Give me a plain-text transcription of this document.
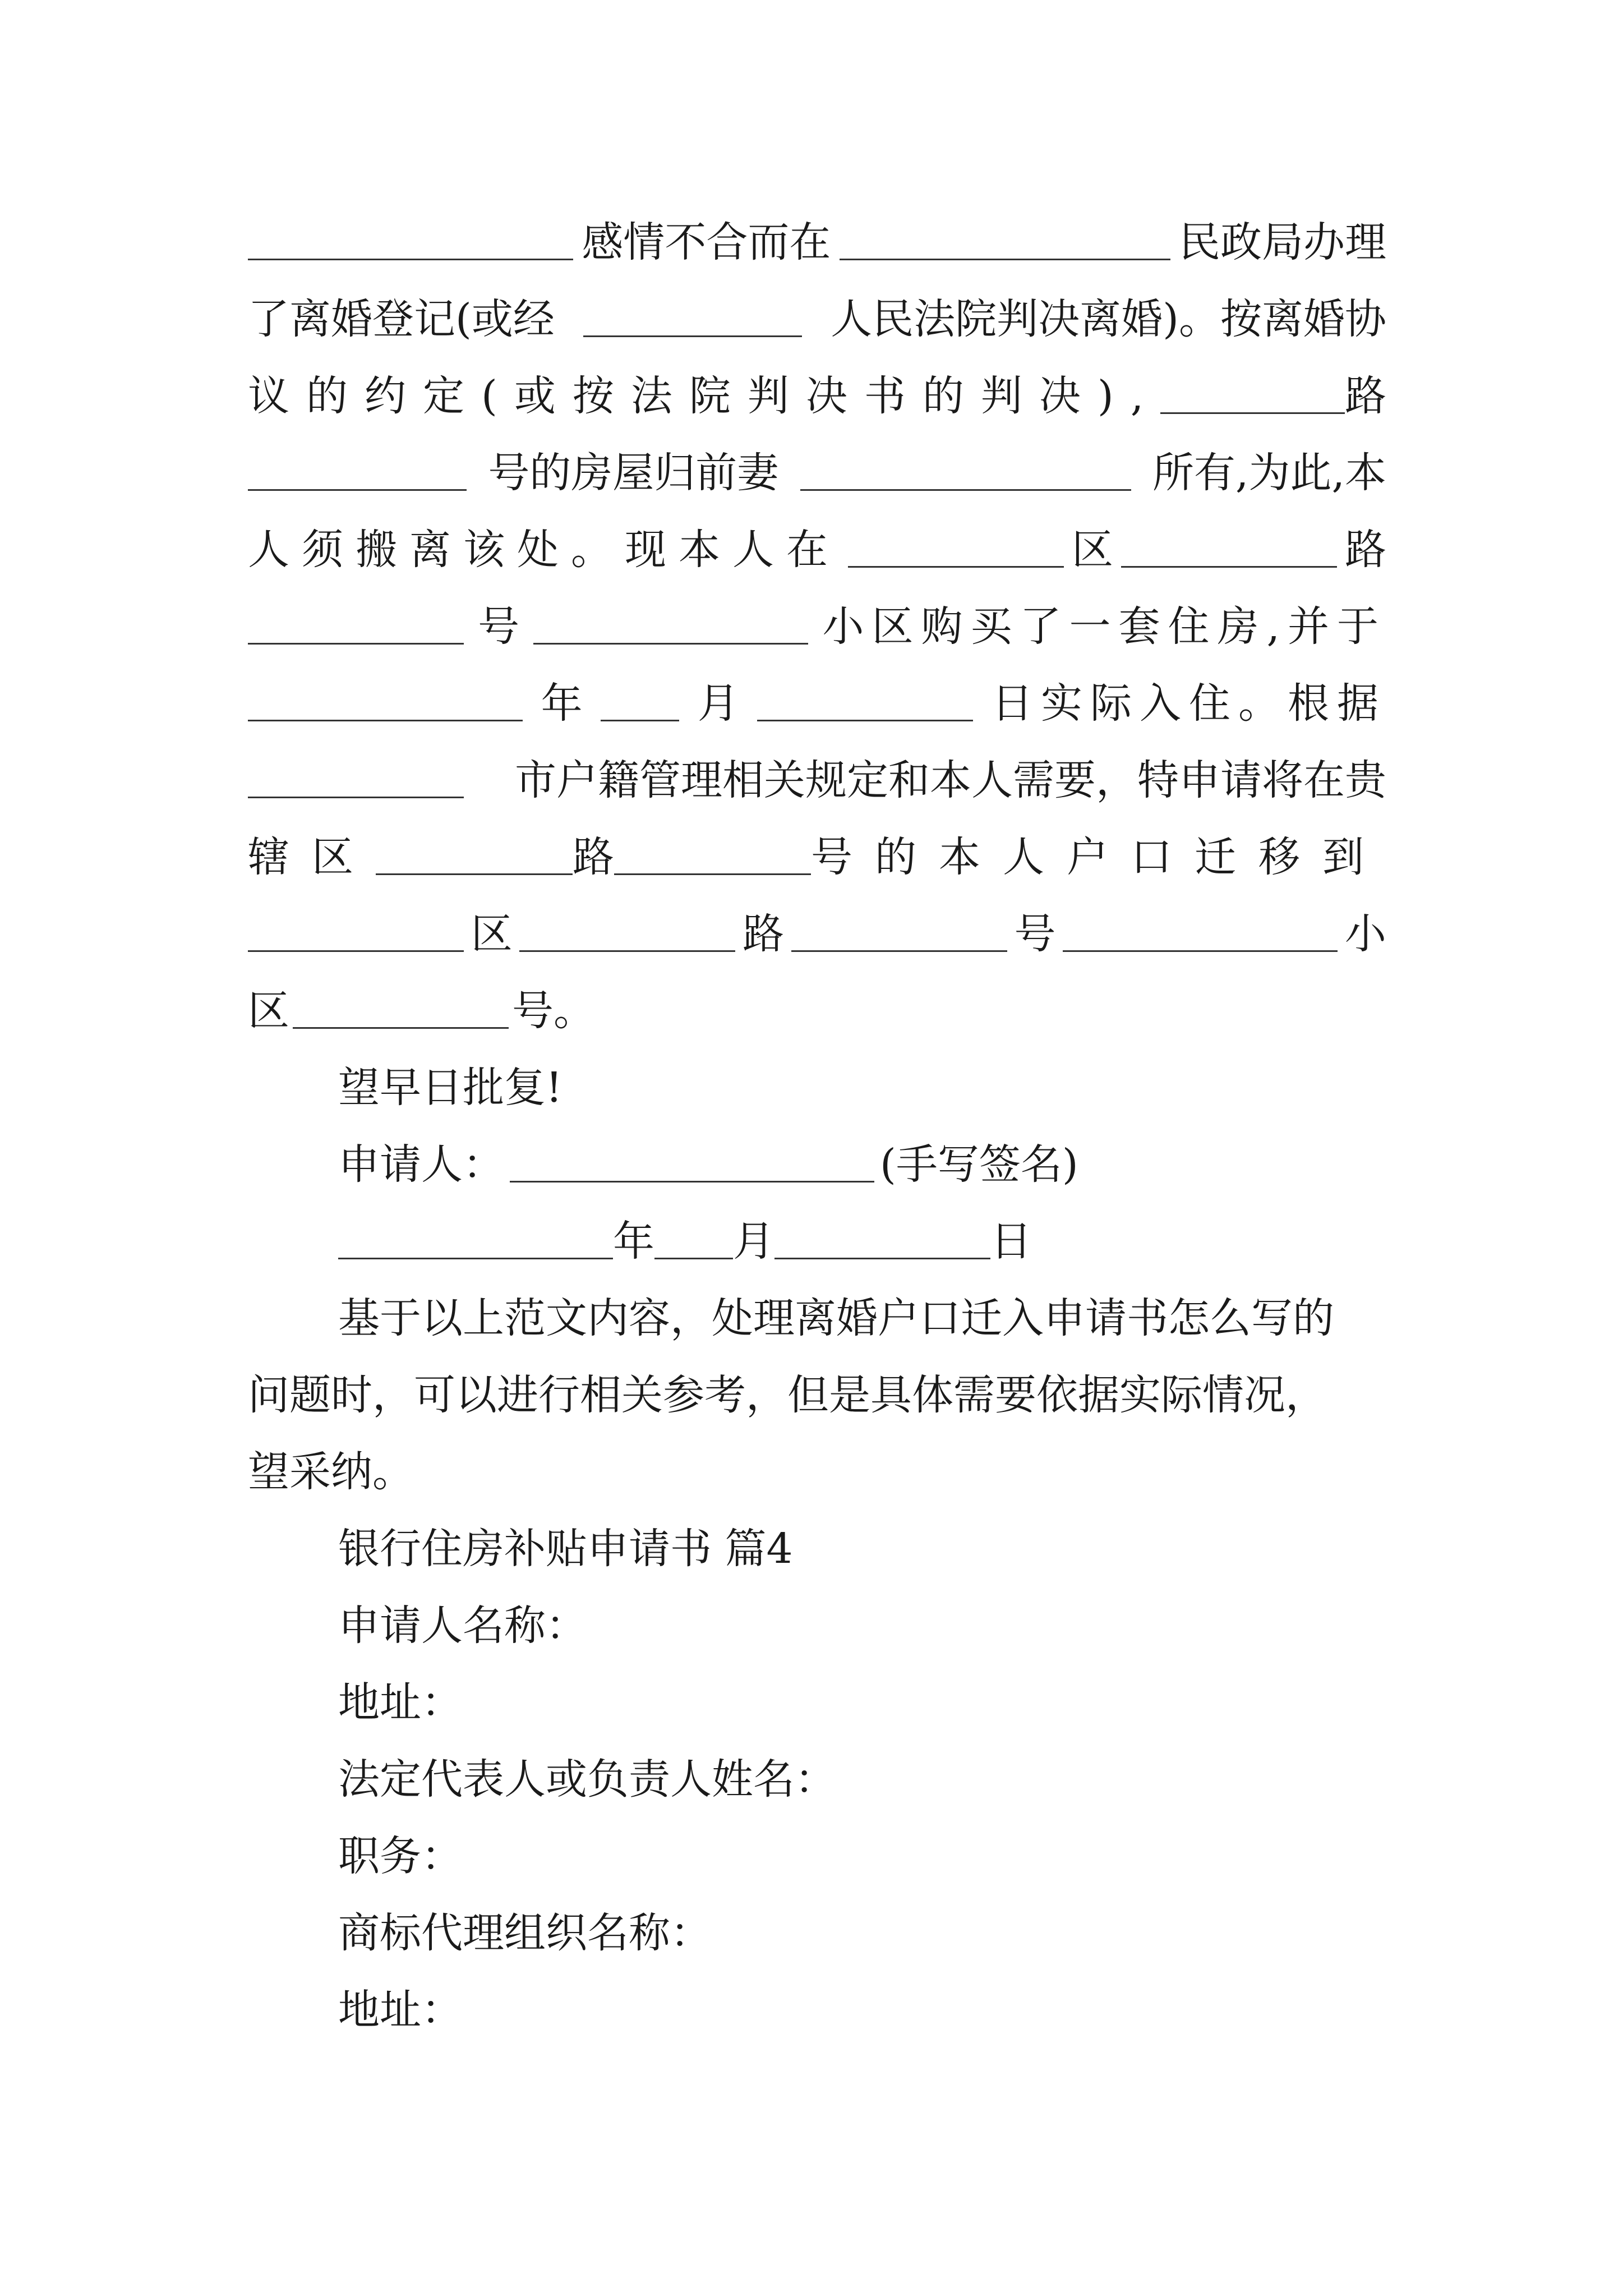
感情不合而在	民政局办理
了离婚登记(或经	人民法院判决离婚)。按离婚协
议的约定(或按法院判决书的判决),	路
号的房屋归前妻	所有,为此,本
人须搬离该处。现本人在	区	路
号	小区购买了一套住房,并于
年	月	日实际入住。根据
市户籍管理相关规定和本人需要，特申请将在贵
辖区	路	号的本人户口迁移到
区	路	号	小
区	号。
望早日批复!
申请人：	(手写签名)
年 月	日
基于以上范文内容，处理离婚户口迁入申请书怎么写的
问题时，可以进行相关参考，但是具体需要依据实际情况，
望采纳。
银行住房补贴申请书 篇4
申请人名称：
地址：
法定代表人或负责人姓名：
职务：
商标代理组织名称：
地址：
